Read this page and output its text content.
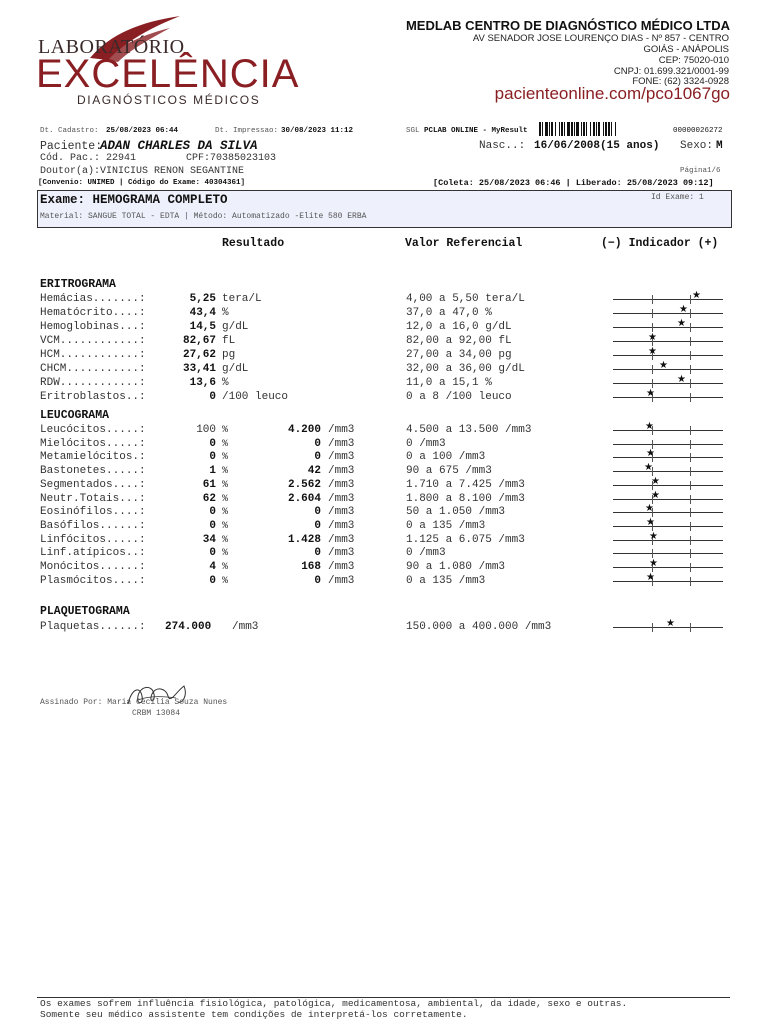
LABORATÓRIO
EXCELÊNCIA
DIAGNÓSTICOS MÉDICOS
MEDLAB CENTRO DE DIAGNÓSTICO MÉDICO LTDA
AV SENADOR JOSE LOURENÇO DIAS - Nº 857 - CENTRO
GOIÁS - ANÁPOLIS
CEP: 75020-010
CNPJ: 01.699.321/0001-99
FONE: (62) 3324-0928
pacienteonline.com/pco1067go
Dt. Cadastro: 25/08/2023 06:44	Dt. Impressao: 30/08/2023 11:12	SGL PCLAB ONLINE - MyResult	00000026272
Paciente:
ADAN CHARLES DA SILVA	Nasc..: 16/06/2008(15 anos) Sexo: M
Cód. Pac.: 22941	CPF:70385023103
Doutor(a):VINICIUS RENON SEGANTINE	Página1/6
[Convenio: UNIMED | Código do Exame: 40304361]	[Coleta: 25/08/2023 06:46 | Liberado: 25/08/2023 09:12]
Exame: HEMOGRAMA COMPLETO
Material: SANGUE TOTAL - EDTA | Método: Automatizado -Elite 580 ERBA
Id Exame: 1
Resultado	Valor Referencial	(−) Indicador (+)
ERITROGRAMA
Hemácias.......:	5,25 tera/L	4,00 a 5,50 tera/L	★
Hematócrito....:	43,4 %	37,0 a 47,0 %	★
Hemoglobinas...:	14,5 g/dL	12,0 a 16,0 g/dL	★
VCM............:	82,67 fL	82,00 a 92,00 fL	★
HCM............:	27,62 pg	27,00 a 34,00 pg	★
CHCM...........:	33,41 g/dL	32,00 a 36,00 g/dL	★
RDW............:	13,6 %	11,0 a 15,1 %	★
Eritroblastos..:	0 /100 leuco	0 a 8 /100 leuco	★
LEUCOGRAMA
Leucócitos.....:	100 %	4.200 /mm3	4.500 a 13.500 /mm3	★
Mielócitos.....:	0 %	0 /mm3	0 /mm3
Metamielócitos.:	0 %	0 /mm3	0 a 100 /mm3	★
Bastonetes.....:	1 %	42 /mm3	90 a 675 /mm3	★
Segmentados....:	61 %	2.562 /mm3	1.710 a 7.425 /mm3	★
Neutr.Totais...:	62 %	2.604 /mm3	1.800 a 8.100 /mm3	★
Eosinófilos....:	0 %	0 /mm3	50 a 1.050 /mm3	★
Basófilos......:	0 %	0 /mm3	0 a 135 /mm3	★
Linfócitos.....:	34 %	1.428 /mm3	1.125 a 6.075 /mm3	★
Linf.atípicos..:	0 %	0 /mm3	0 /mm3
Monócitos......:	4 %	168 /mm3	90 a 1.080 /mm3	★
Plasmócitos....:	0 %	0 /mm3	0 a 135 /mm3	★
PLAQUETOGRAMA
Plaquetas......: 274.000 /mm3	150.000 a 400.000 /mm3	★
Assinado Por: Maria Cecília Souza Nunes
CRBM 13084
Os exames sofrem influência fisiológica, patológica, medicamentosa, ambiental, da idade, sexo e outras.
Somente seu médico assistente tem condições de interpretá-los corretamente.
